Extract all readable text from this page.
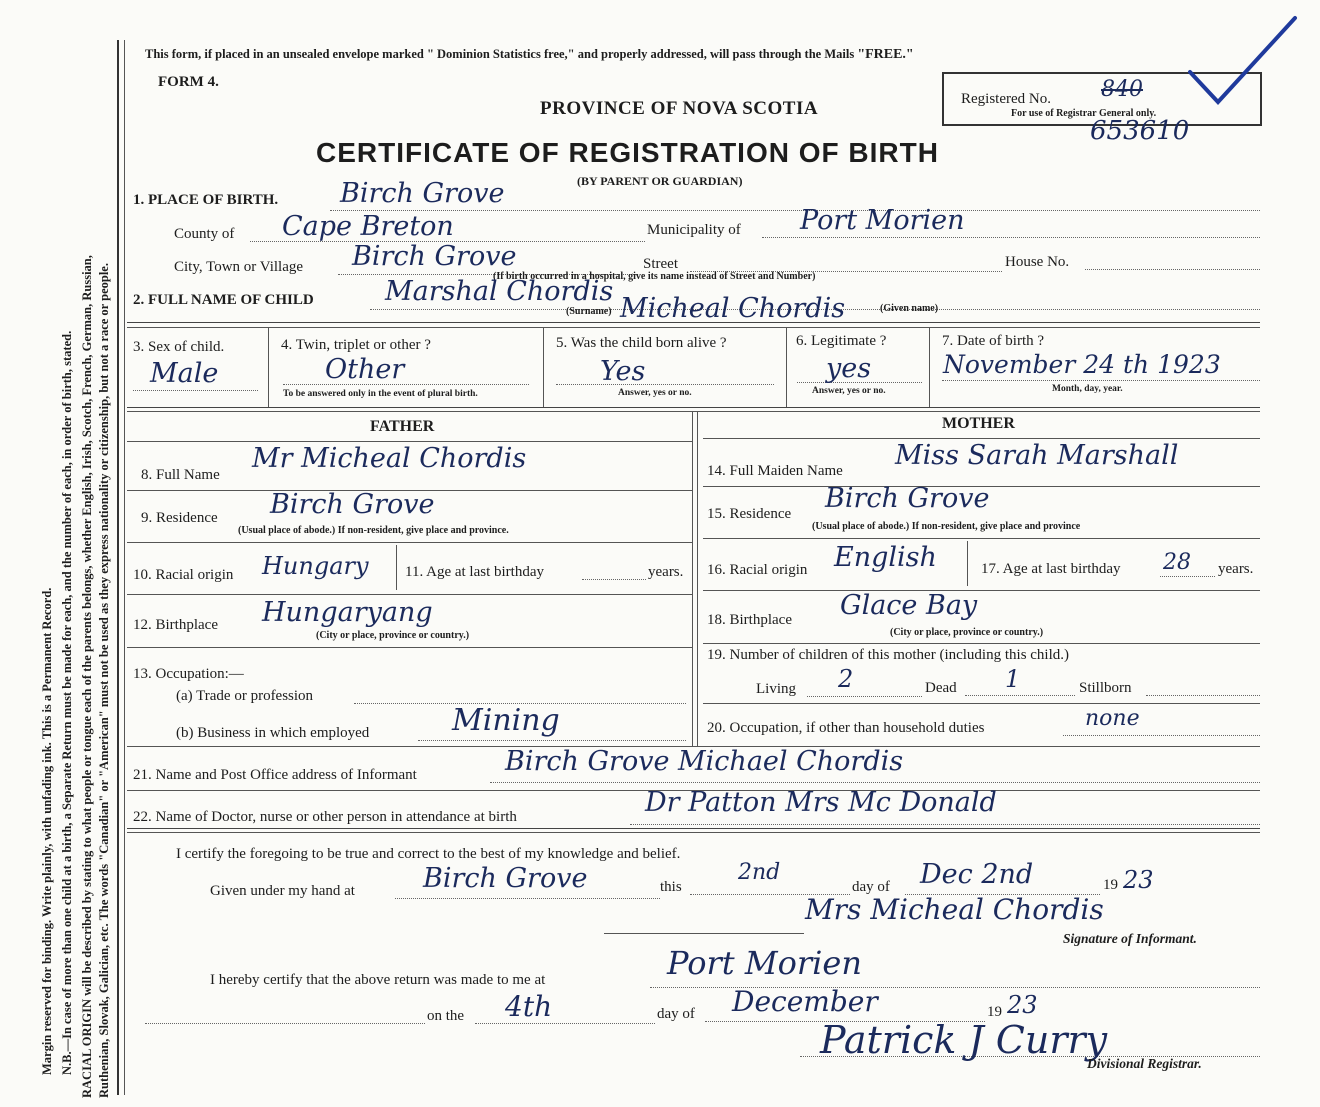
Margin reserved for binding. Write plainly, with unfading ink. This is a Permanent Record. N.B.—In case of more than one child at a birth, a Separate Return must be made for each, and the number of each, in order of birth, stated. RACIAL ORIGIN will be described by stating to what people or tongue each of the parents belongs, whether English, Irish, Scotch, French, German, Russian, Ruthenian, Slovak, Galician, etc. The words "Canadian" or "American" must not be used as they express nationality or citizenship, but not a race or people.
This form, if placed in an unsealed envelope marked " Dominion Statistics free," and properly addressed, will pass through the Mails "FREE."
FORM 4.
PROVINCE OF NOVA SCOTIA	Registered No. 840
For use of Registrar General only.
653610
CERTIFICATE OF REGISTRATION OF BIRTH
(BY PARENT OR GUARDIAN)
1. PLACE OF BIRTH. Birch Grove
County of Cape Breton	Municipality of Port Morien
City, Town or Village Birch Grove	Street	House No.
(If birth occurred in a hospital, give its name instead of Street and Number)
2. FULL NAME OF CHILD	Marshal Chordis
(Surname) Micheal Chordis	(Given name)
3. Sex of child.
Male
4. Twin, triplet or other ?
Other
To be answered only in the event of plural birth.
5. Was the child born alive ?
Yes
Answer, yes or no.
6. Legitimate ?
yes
Answer, yes or no.
7. Date of birth ?
November 24 th 1923
Month, day, year.
FATHER	MOTHER
8. Full Name
Mr Micheal Chordis
9. Residence Birch Grove
(Usual place of abode.) If non-resident, give place and province.
10. Racial origin Hungary 11. Age at last birthday	years.
12. Birthplace Hungaryang
(City or place, province or country.)
13. Occupation:—
(a) Trade or profession
(b) Business in which employed	Mining
14. Full Maiden Name Miss Sarah Marshall
15. Residence Birch Grove
(Usual place of abode.) If non-resident, give place and province
16. Racial origin English	17. Age at last birthday 28 years.
18. Birthplace Glace Bay
(City or place, province or country.)
19. Number of children of this mother (including this child.)
Living 2	Dead 1	Stillborn
20. Occupation, if other than household duties	none
21. Name and Post Office address of Informant	Birch Grove Michael Chordis
22. Name of Doctor, nurse or other person in attendance at birth	Dr Patton Mrs Mc Donald
I certify the foregoing to be true and correct to the best of my knowledge and belief.
Given under my hand at	Birch Grove	this
2nd
day of Dec 2nd	19 23
Mrs Micheal Chordis
Signature of Informant.
I hereby certify that the above return was made to me at	Port Morien
on the 4th	day of December	19 23
Patrick J Curry
Divisional Registrar.
